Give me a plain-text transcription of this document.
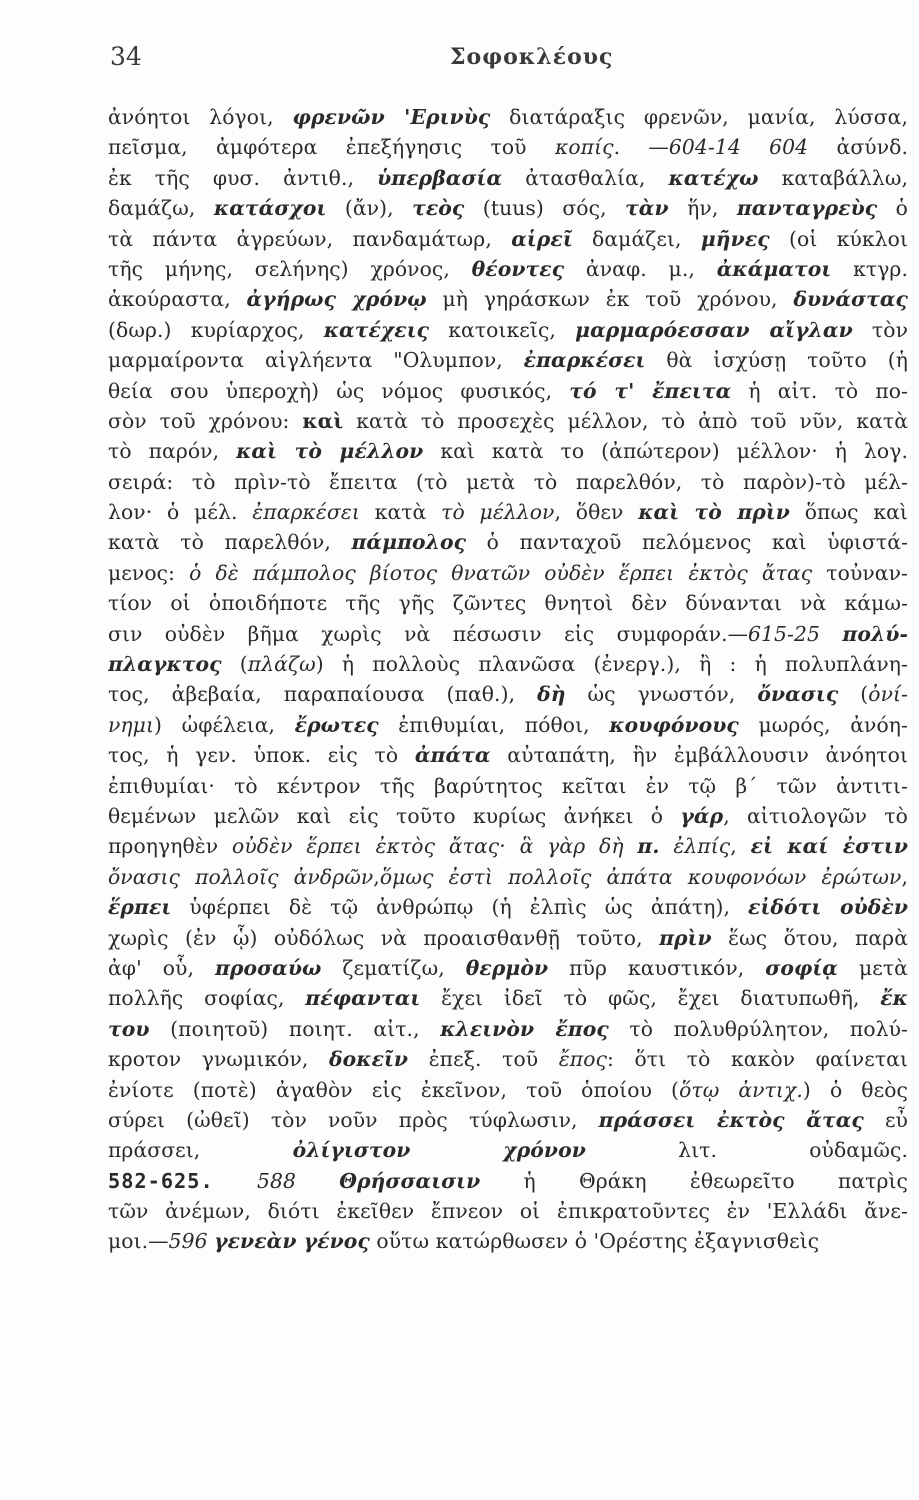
34	Σοφοκλέους
ἀνόητοι λόγοι, φρενῶν 'Ερινὺς διατάραξις φρενῶν, μανία, λύσσα,
πεῖσμα, ἀμφότερα ἐπεξήγησις τοῦ κοπίς. —604-14 604 ἀσύνδ.
ἐκ τῆς φυσ. ἀντιθ., ὑπερβασία ἀτασθαλία, κατέχω καταβάλλω,
δαμάζω, κατάσχοι (ἄν), τεὸς (tuus) σός, τὰν ἥν, πανταγρεὺς ὁ
τὰ πάντα ἀγρεύων, πανδαμάτωρ, αἱρεῖ δαμάζει, μῆνες (οἱ κύκλοι
τῆς μήνης, σελήνης) χρόνος, θέοντες ἀναφ. μ., ἀκάματοι κτγρ.
ἀκούραστα, ἀγήρως χρόνῳ μὴ γηράσκων ἐκ τοῦ χρόνου, δυνάστας
(δωρ.) κυρίαρχος, κατέχεις κατοικεῖς, μαρμαρόεσσαν αἴγλαν τὸν
μαρμαίροντα αἰγλήεντα "Ολυμπον, ἐπαρκέσει θὰ ἰσχύσῃ τοῦτο (ἡ
θεία σου ὑπεροχὴ) ὡς νόμος φυσικός, τό τ' ἔπειτα ἡ αἰτ. τὸ πο-
σὸν τοῦ χρόνου: καὶ κατὰ τὸ προσεχὲς μέλλον, τὸ ἀπὸ τοῦ νῦν, κατὰ
τὸ παρόν, καὶ τὸ μέλλον καὶ κατὰ το (ἀπώτερον) μέλλον· ἡ λογ.
σειρά: τὸ πρὶν-τὸ ἔπειτα (τὸ μετὰ τὸ παρελθόν, τὸ παρὸν)-τὸ μέλ-
λον· ὁ μέλ. ἐπαρκέσει κατὰ τὸ μέλλον, ὅθεν καὶ τὸ πρὶν ὅπως καὶ
κατὰ τὸ παρελθόν, πάμπολος ὁ πανταχοῦ πελόμενος καὶ ὑφιστά-
μενος: ὁ δὲ πάμπολος βίοτος θνατῶν οὐδὲν ἕρπει ἐκτὸς ἄτας τοὐναν-
τίον οἱ ὁποιδήποτε τῆς γῆς ζῶντες θνητοὶ δὲν δύνανται νὰ κάμω-
σιν οὐδὲν βῆμα χωρὶς νὰ πέσωσιν εἰς συμφοράν.—615-25 πολύ-
πλαγκτος (πλάζω) ἡ πολλοὺς πλανῶσα (ἐνεργ.), ἢ : ἡ πολυπλάνη-
τος, ἀβεβαία, παραπαίουσα (παθ.), δὴ ὡς γνωστόν, ὄνασις (ὀνί-
νημι) ὠφέλεια, ἔρωτες ἐπιθυμίαι, πόθοι, κουφόνους μωρός, ἀνόη-
τος, ἡ γεν. ὑποκ. εἰς τὸ ἀπάτα αὐταπάτη, ἣν ἐμβάλλουσιν ἀνόητοι
ἐπιθυμίαι· τὸ κέντρον τῆς βαρύτητος κεῖται ἐν τῷ β΄ τῶν ἀντιτι-
θεμένων μελῶν καὶ εἰς τοῦτο κυρίως ἀνήκει ὁ γάρ, αἰτιολογῶν τὸ
προηγηθὲν οὐδὲν ἕρπει ἐκτὸς ἄτας· ἃ γὰρ δὴ π. ἐλπίς, εἰ καί ἐστιν
ὄνασις πολλοῖς ἀνδρῶν,ὅμως ἐστὶ πολλοῖς ἀπάτα κουφονόων ἐρώτων,
ἕρπει ὑφέρπει δὲ τῷ ἀνθρώπῳ (ἡ ἐλπὶς ὡς ἀπάτη), εἰδότι οὐδὲν
χωρὶς (ἐν ᾧ) οὐδόλως νὰ προαισθανθῇ τοῦτο, πρὶν ἕως ὅτου, παρὰ
ἀφ' οὗ, προσαύω ζεματίζω, θερμὸν πῦρ καυστικόν, σοφίᾳ μετὰ
πολλῆς σοφίας, πέφανται ἔχει ἰδεῖ τὸ φῶς, ἔχει διατυπωθῆ, ἔκ
του (ποιητοῦ) ποιητ. αἰτ., κλεινὸν ἔπος τὸ πολυθρύλητον, πολύ-
κροτον γνωμικόν, δοκεῖν ἐπεξ. τοῦ ἔπος: ὅτι τὸ κακὸν φαίνεται
ἐνίοτε (ποτὲ) ἀγαθὸν εἰς ἐκεῖνον, τοῦ ὁποίου (ὅτῳ ἀντιχ.) ὁ θεὸς
σύρει (ὠθεῖ) τὸν νοῦν πρὸς τύφλωσιν, πράσσει ἐκτὸς ἄτας εὖ
πράσσει, ὀλίγιστον χρόνον λιτ. οὐδαμῶς.
582-625. 588 Θρήσσαισιν ἡ Θράκη ἐθεωρεῖτο πατρὶς
τῶν ἀνέμων, διότι ἐκεῖθεν ἔπνεον οἱ ἐπικρατοῦντες ἐν 'Ελλάδι ἄνε-
μοι.—596 γενεὰν γένος οὕτω κατώρθωσεν ὁ 'Ορέστης ἐξαγνισθεὶς
